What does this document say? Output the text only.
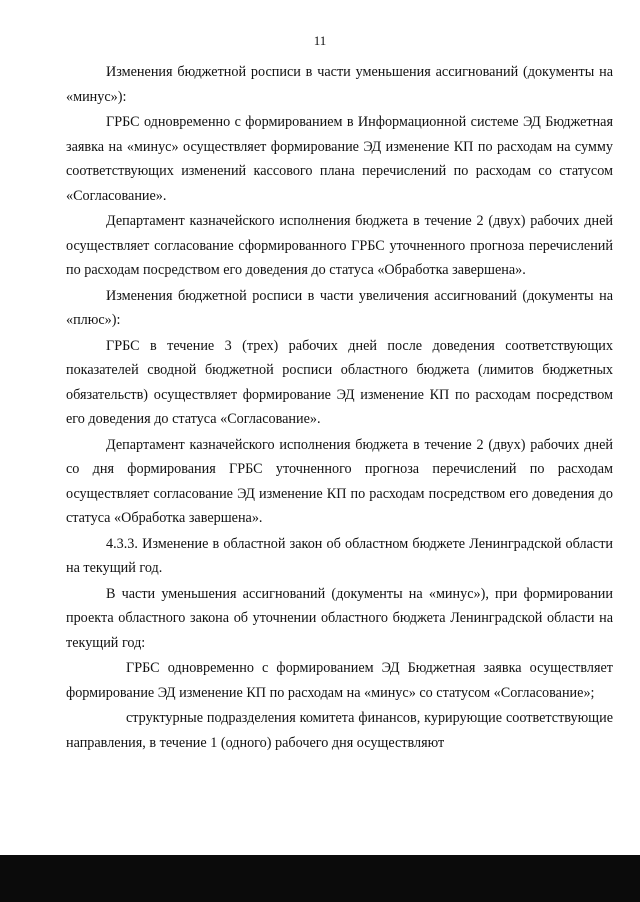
11

Изменения бюджетной росписи в части уменьшения ассигнований (документы на «минус»):

ГРБС одновременно с формированием в Информационной системе ЭД Бюджетная заявка на «минус» осуществляет формирование ЭД изменение КП по расходам на сумму соответствующих изменений кассового плана перечислений по расходам со статусом «Согласование».

Департамент казначейского исполнения бюджета в течение 2 (двух) рабочих дней осуществляет согласование сформированного ГРБС уточненного прогноза перечислений по расходам посредством его доведения до статуса «Обработка завершена».

Изменения бюджетной росписи в части увеличения ассигнований (документы на «плюс»):

ГРБС в течение 3 (трех) рабочих дней после доведения соответствующих показателей сводной бюджетной росписи областного бюджета (лимитов бюджетных обязательств) осуществляет формирование ЭД изменение КП по расходам посредством его доведения до статуса «Согласование».

Департамент казначейского исполнения бюджета в течение 2 (двух) рабочих дней со дня формирования ГРБС уточненного прогноза перечислений по расходам осуществляет согласование ЭД изменение КП по расходам посредством его доведения до статуса «Обработка завершена».

4.3.3. Изменение в областной закон об областном бюджете Ленинградской области на текущий год.

В части уменьшения ассигнований (документы на «минус»), при формировании проекта областного закона об уточнении областного бюджета Ленинградской области на текущий год:

ГРБС одновременно с формированием ЭД Бюджетная заявка осуществляет формирование ЭД изменение КП по расходам на «минус» со статусом «Согласование»;

структурные подразделения комитета финансов, курирующие соответствующие направления, в течение 1 (одного) рабочего дня осуществляют
